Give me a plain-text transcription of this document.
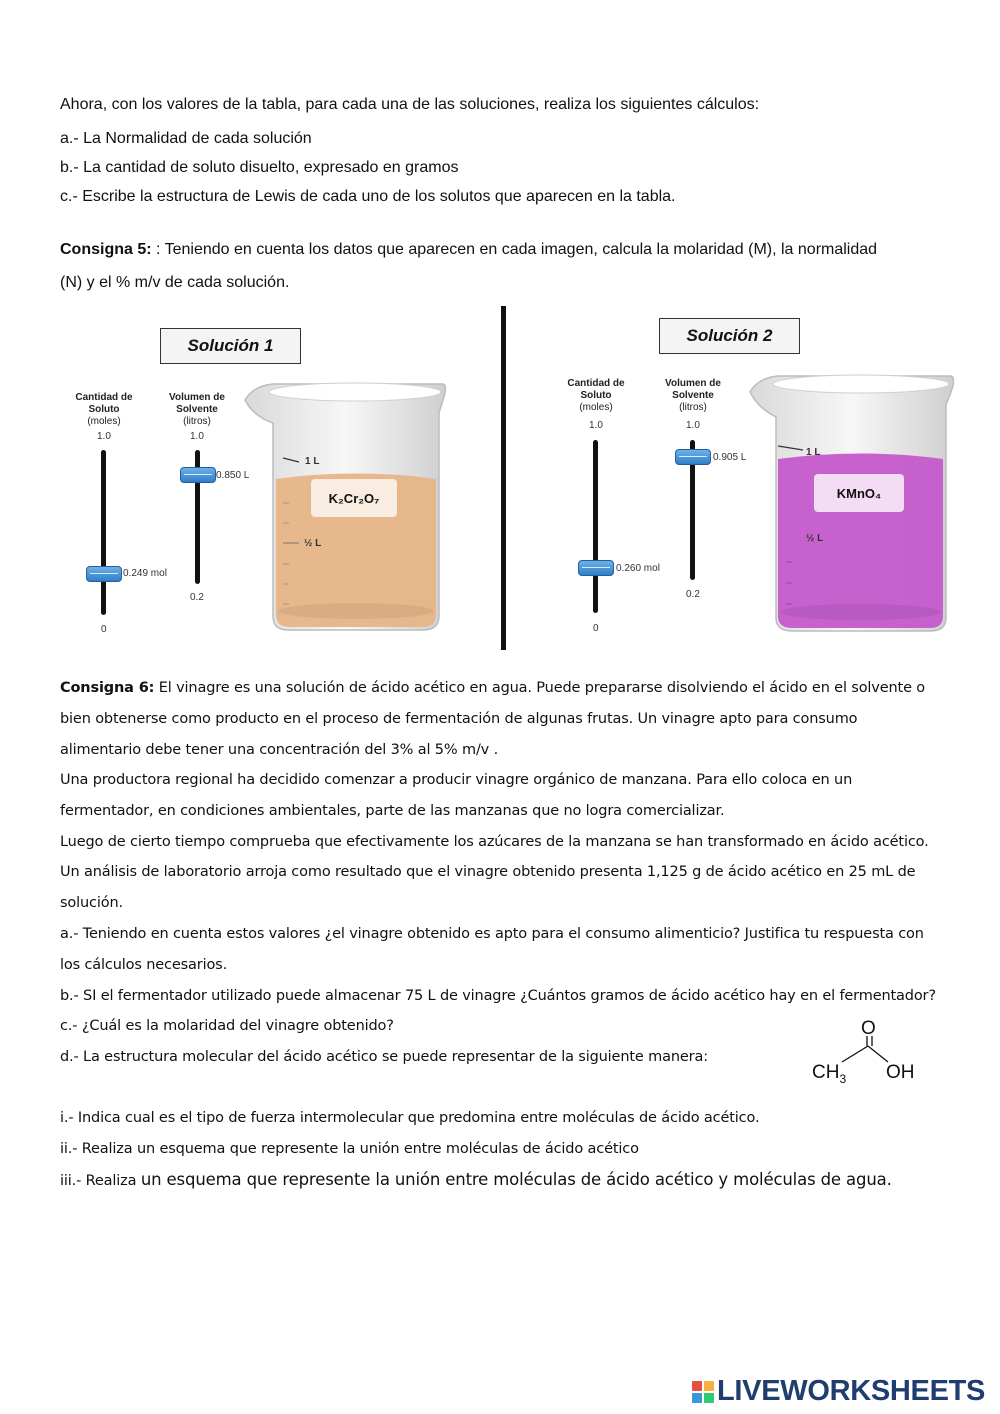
Ahora, con los valores de la tabla, para cada una de las soluciones, realiza los siguientes cálculos:
a.- La Normalidad de cada solución
b.- La cantidad de soluto disuelto, expresado en gramos
c.- Escribe la estructura de Lewis de cada uno de los solutos que aparecen en la tabla.
Consigna 5: : Teniendo en cuenta los datos que aparecen en cada imagen, calcula la molaridad (M), la normalidad
(N) y el % m/v de cada solución.
Solución 1
Cantidad de
Soluto
(moles)
1.0
0.249 mol
0
Volumen de
Solvente
(litros)
1.0
0.850 L
0.2
1 L
½ L
K₂Cr₂O₇
Solución 2
Cantidad de
Soluto
(moles)
1.0
0.260 mol
0
Volumen de
Solvente
(litros)
1.0
0.905 L
0.2
1 L
½ L
KMnO₄
Consigna 6: El vinagre es una solución de ácido acético en agua. Puede prepararse disolviendo el ácido en el solvente o
bien obtenerse como producto en el proceso de fermentación de algunas frutas. Un vinagre apto para consumo
alimentario debe tener una concentración del 3% al 5% m/v .
Una productora regional ha decidido comenzar a producir vinagre orgánico de manzana. Para ello coloca en un
fermentador, en condiciones ambientales, parte de las manzanas que no logra comercializar.
Luego de cierto tiempo comprueba que efectivamente los azúcares de la manzana se han transformado en ácido acético.
Un análisis de laboratorio arroja como resultado que el vinagre obtenido presenta 1,125 g de ácido acético en 25 mL de
solución.
a.- Teniendo en cuenta estos valores ¿el vinagre obtenido es apto para el consumo alimenticio? Justifica tu respuesta con
los cálculos necesarios.
b.- SI el fermentador utilizado puede almacenar 75 L de vinagre ¿Cuántos gramos de ácido acético hay en el fermentador?
c.- ¿Cuál es la molaridad del vinagre obtenido?
d.- La estructura molecular del ácido acético se puede representar de la siguiente manera:
O
$CH_3$ OH
i.- Indica cual es el tipo de fuerza intermolecular que predomina entre moléculas de ácido acético.
ii.- Realiza un esquema que represente la unión entre moléculas de ácido acético
iii.- Realiza un esquema que represente la unión entre moléculas de ácido acético y moléculas de agua.
LIVEWORKSHEETS
